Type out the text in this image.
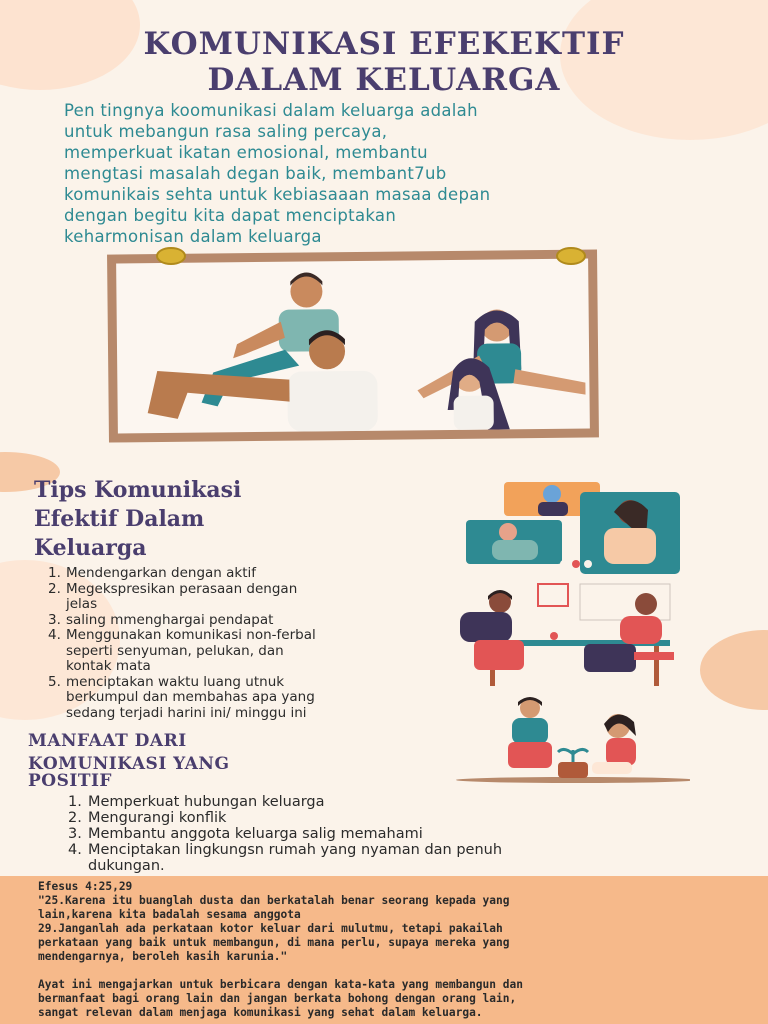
KOMUNIKASI EFEKEKTIF
DALAM KELUARGA
Pen tingnya koomunikasi dalam keluarga adalah
untuk mebangun rasa saling percaya,
memperkuat ikatan emosional, membantu
mengtasi masalah degan baik, membant7ub
komunikais sehta untuk kebiasaaan masaa depan
dengan begitu kita dapat menciptakan
keharmonisan dalam keluarga
Tips Komunikasi
Efektif Dalam
Keluarga
1. Mendengarkan dengan aktif
2. Megekspresikan perasaan dengan
jelas
3. saling mmenghargai pendapat
4. Menggunakan komunikasi non-ferbal
seperti senyuman, pelukan, dan
kontak mata
5. menciptakan waktu luang utnuk
berkumpul dan membahas apa yang
sedang terjadi harini ini/ minggu ini
MANFAAT DARI
KOMUNIKASI YANG
POSITIF
1. Memperkuat hubungan keluarga
2. Mengurangi konflik
3. Membantu anggota keluarga salig memahami
4. Menciptakan lingkungsn rumah yang nyaman dan penuh
dukungan.

Efesus 4:25,29

"25.Karena itu buanglah dusta dan berkatalah benar seorang kepada yang

lain,karena kita badalah sesama anggota

29.Janganlah ada perkataan kotor keluar dari mulutmu, tetapi pakailah

perkataan yang baik untuk membangun, di mana perlu, supaya mereka yang

mendengarnya, beroleh kasih karunia."

Ayat ini mengajarkan untuk berbicara dengan kata-kata yang membangun dan

bermanfaat bagi orang lain dan jangan berkata bohong dengan orang lain,

sangat relevan dalam menjaga komunikasi yang sehat dalam keluarga.
